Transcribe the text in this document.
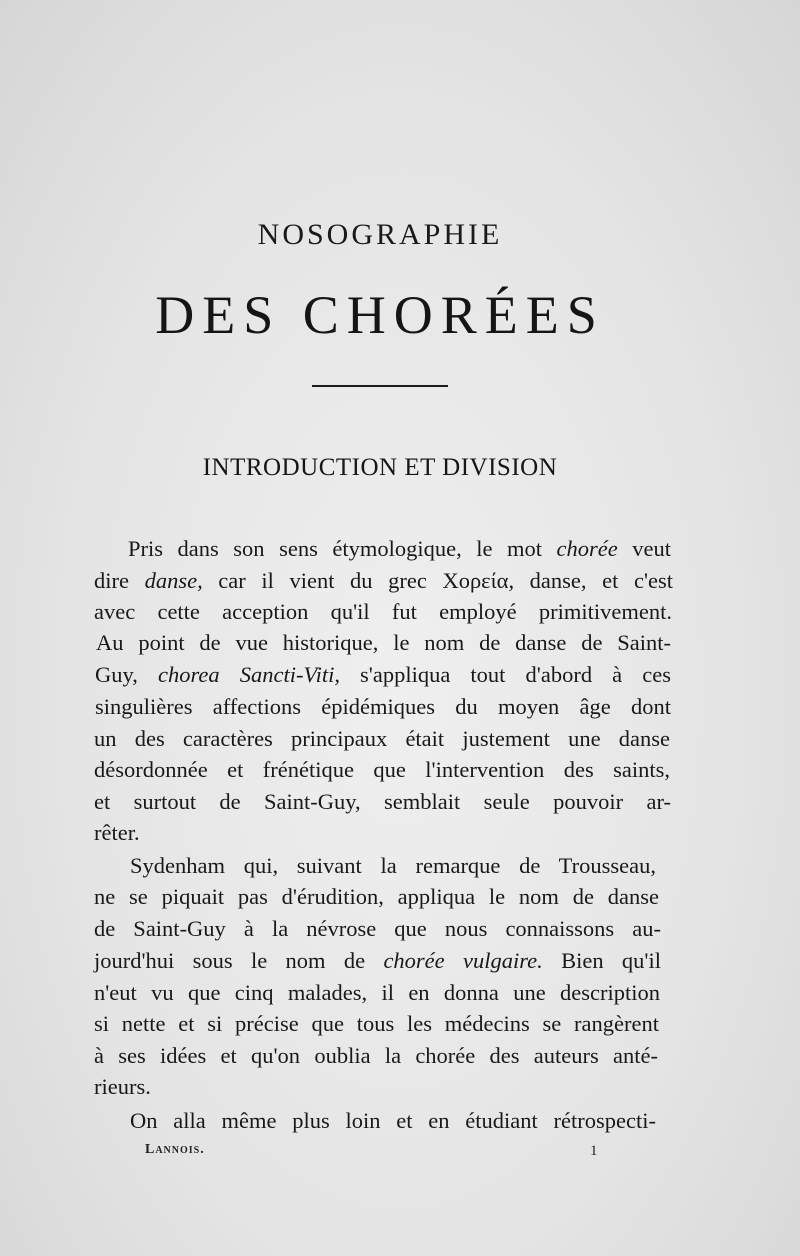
NOSOGRAPHIE
DES CHORÉES
INTRODUCTION ET DIVISION
Pris dans son sens étymologique, le mot chorée veut
dire danse, car il vient du grec Χορεία, danse, et c'est
avec cette acception qu'il fut employé primitivement.
Au point de vue historique, le nom de danse de Saint-
Guy, chorea Sancti-Viti, s'appliqua tout d'abord à ces
singulières affections épidémiques du moyen âge dont
un des caractères principaux était justement une danse
désordonnée et frénétique que l'intervention des saints,
et surtout de Saint-Guy, semblait seule pouvoir ar-
rêter.
Sydenham qui, suivant la remarque de Trousseau,
ne se piquait pas d'érudition, appliqua le nom de danse
de Saint-Guy à la névrose que nous connaissons au-
jourd'hui sous le nom de chorée vulgaire. Bien qu'il
n'eut vu que cinq malades, il en donna une description
si nette et si précise que tous les médecins se rangèrent
à ses idées et qu'on oublia la chorée des auteurs anté-
rieurs.
On alla même plus loin et en étudiant rétrospecti-
Lannois.	1
